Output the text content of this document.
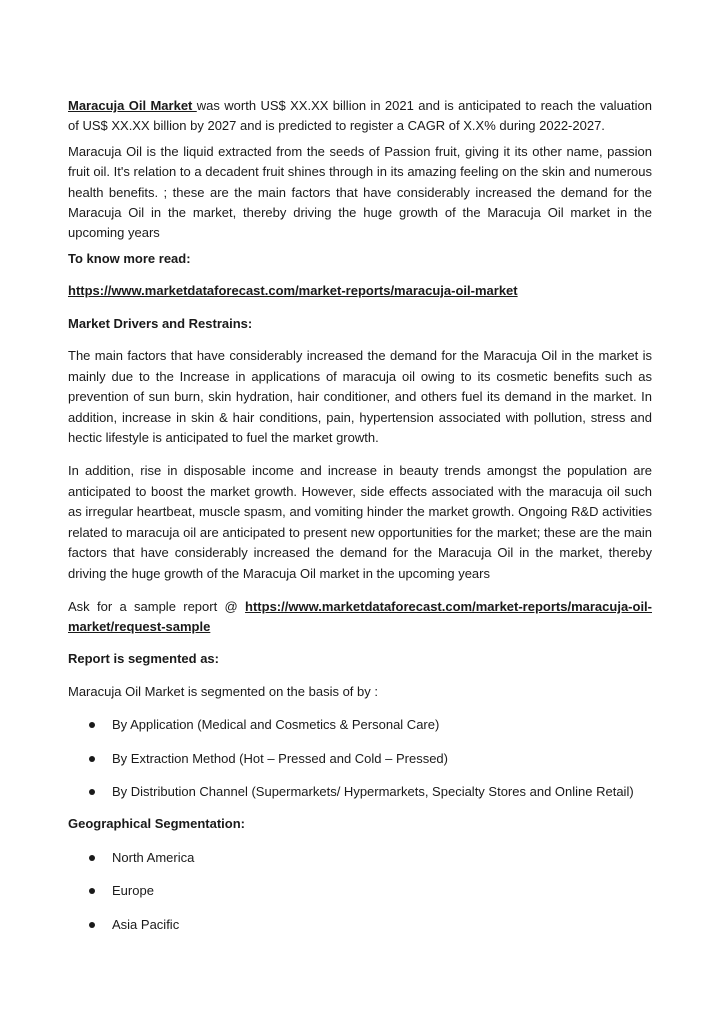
Maracuja Oil Market was worth US$ XX.XX billion in 2021 and is anticipated to reach the valuation of US$ XX.XX billion by 2027 and is predicted to register a CAGR of X.X% during 2022-2027.

Maracuja Oil is the liquid extracted from the seeds of Passion fruit, giving it its other name, passion fruit oil. It's relation to a decadent fruit shines through in its amazing feeling on the skin and numerous health benefits. ; these are the main factors that have considerably increased the demand for the Maracuja Oil in the market, thereby driving the huge growth of the Maracuja Oil market in the upcoming years

To know more read:

https://www.marketdataforecast.com/market-reports/maracuja-oil-market

Market Drivers and Restrains:

The main factors that have considerably increased the demand for the Maracuja Oil in the market is mainly due to the Increase in applications of maracuja oil owing to its cosmetic benefits such as prevention of sun burn, skin hydration, hair conditioner, and others fuel its demand in the market. In addition, increase in skin & hair conditions, pain, hypertension associated with pollution, stress and hectic lifestyle is anticipated to fuel the market growth.

In addition, rise in disposable income and increase in beauty trends amongst the population are anticipated to boost the market growth. However, side effects associated with the maracuja oil such as irregular heartbeat, muscle spasm, and vomiting hinder the market growth. Ongoing R&D activities related to maracuja oil are anticipated to present new opportunities for the market; these are the main factors that have considerably increased the demand for the Maracuja Oil in the market, thereby driving the huge growth of the Maracuja Oil market in the upcoming years

Ask for a sample report @ https://www.marketdataforecast.com/market-reports/maracuja-oil-market/request-sample

Report is segmented as:

Maracuja Oil Market is segmented on the basis of by :

By Application (Medical and Cosmetics & Personal Care)
By Extraction Method (Hot – Pressed and Cold – Pressed)
By Distribution Channel (Supermarkets/ Hypermarkets, Specialty Stores and Online Retail)

Geographical Segmentation:

North America
Europe
Asia Pacific
